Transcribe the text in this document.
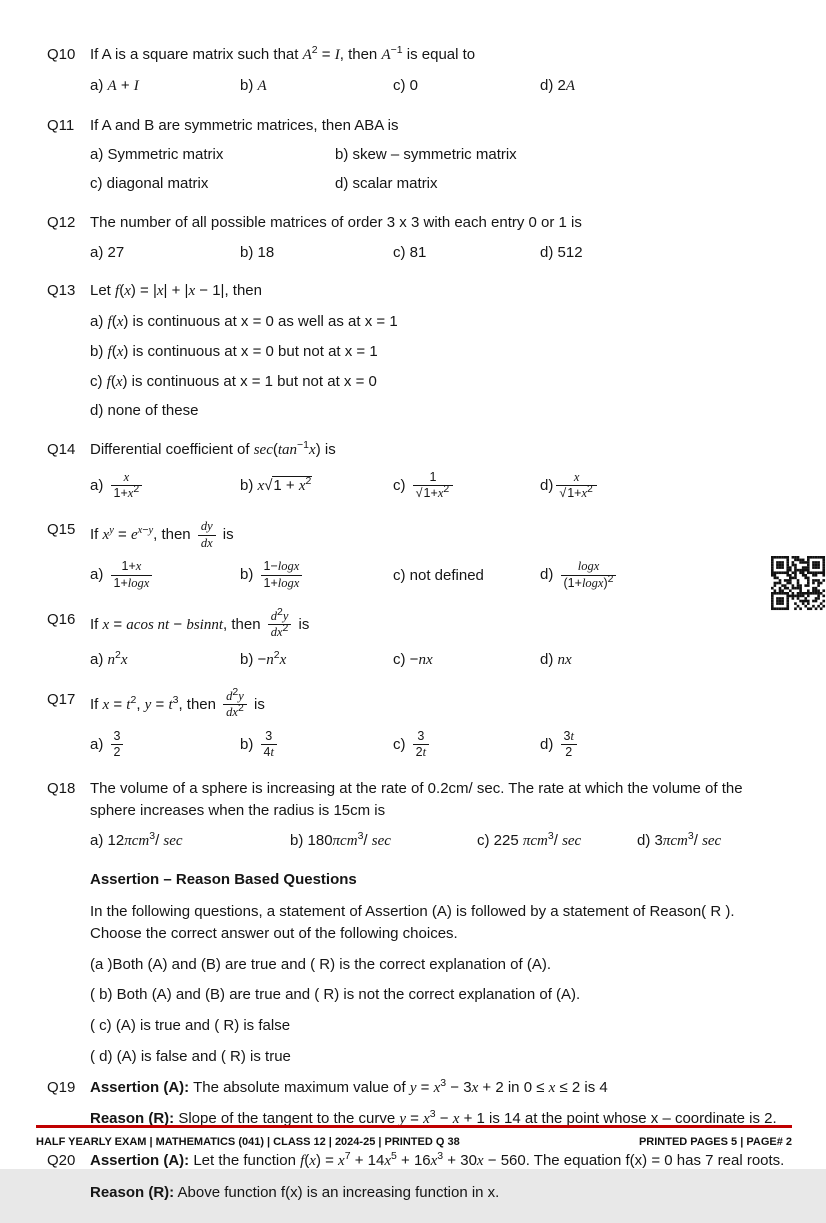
Q10 If A is a square matrix such that $A^2 = I$, then $A^{-1}$ is equal to
a) A + I	b) A	c) 0	d) 2A
Q11	If A and B are symmetric matrices, then ABA is
a) Symmetric matrix	b) skew – symmetric matrix
c) diagonal matrix	d) scalar matrix
Q12 The number of all possible matrices of order 3 x 3 with each entry 0 or 1 is
a) 27	b) 18	c) 81	d) 512
Q13 Let f(x) = |x| + |x − 1|, then
a) f(x) is continuous at x = 0 as well as at x = 1
b) f(x) is continuous at x = 0 but not at x = 1
c) f(x) is continuous at x = 1 but not at x = 0
d) none of these
Q14 Differential coefficient of $\sec(\tan^{-1}x)$ is
$a) \frac{x}{1+x^2}$	b) $x√1 + x^2$	$c) \frac{1}{√1+x^2}$	$d) \frac{x}{√1+x^2}$
Q15 If $x^y = e^{x-y}$, then $\frac{dy}{dx}$ is
$a) \frac{1+x}{1+\log x}$	$b) \frac{1-\log x}{1+\log x}$	c) not defined	$d) \frac{\log x}{(1+\log x)^2}$
Q16 If x = acos nt − bsinnt, then $\frac{d^2y}{dx^2}$ is
a) $n^2x$	$b) -n^2x$	c) −nx	d) nx
Q17 If $x = t^2$, $y = t^3$, then $\frac{d^2y}{dx^2}$ is
$a) \frac{3}{2}$	$b) \frac{3}{4t}$	$c) \frac{3}{2t}$	$d) \frac{3t}{2}$
Q18 The volume of a sphere is increasing at the rate of 0.2cm/ sec. The rate at which the volume of the sphere increases when the radius is 15cm is
a) 12πcm$^3$/ sec	b) 180πcm$^3$/ sec	c) 225 πcm$^3$/ sec	d) 3πcm$^3$/ sec
Assertion – Reason Based Questions
In the following questions, a statement of Assertion (A) is followed by a statement of Reason( R ). Choose the correct answer out of the following choices.
(a )Both (A) and (B) are true and ( R) is the correct explanation of (A).
( b) Both (A) and (B) are true and ( R) is not the correct explanation of (A).
( c) (A) is true and ( R) is false
( d) (A) is false and ( R) is true
Q19 Assertion (A): The absolute maximum value of $y = x^3 - 3x + 2$ in 0 ≤ x ≤ 2 is 4
Reason (R): Slope of the tangent to the curve $y = x^3 - x + 1$ is 14 at the point whose x – coordinate is 2.
Q20 Assertion (A): Let the function $f(x) = x^7 + 14x^5 + 16x^3 + 30x - 560$. The equation f(x) = 0 has 7 real roots.
Reason (R): Above function f(x) is an increasing function in x.
HALF YEARLY EXAM | MATHEMATICS (041) | CLASS 12 | 2024-25 | PRINTED Q 38	PRINTED PAGES 5 | PAGE# 2
